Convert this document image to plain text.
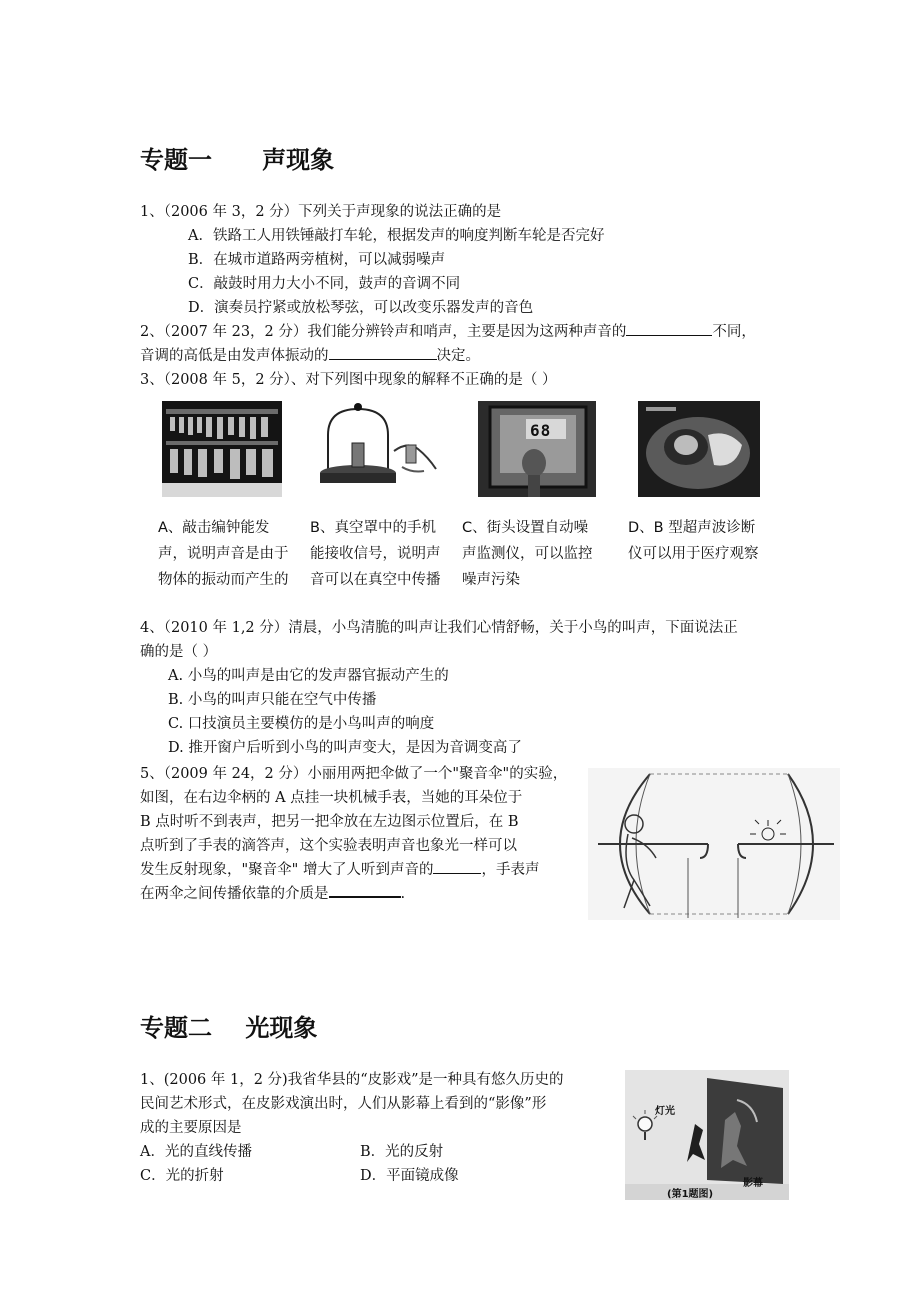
专题一      声现象
1、（2006 年 3，2 分）下列关于声现象的说法正确的是
A．铁路工人用铁锤敲打车轮，根据发声的响度判断车轮是否完好
B．在城市道路两旁植树，可以减弱噪声
C．敲鼓时用力大小不同，鼓声的音调不同
D．演奏员拧紧或放松琴弦，可以改变乐器发声的音色
2、（2007 年 23，2 分）我们能分辨铃声和哨声，主要是因为这两种声音的	不同，
音调的高低是由发声体振动的	决定。
3、（2008 年 5，2 分）、对下列图中现象的解释不正确的是（ ）
68
A、敲击编钟能发声，说明声音是由于物体的振动而产生的
B、真空罩中的手机能接收信号，说明声音可以在真空中传播
C、街头设置自动噪声监测仪，可以监控噪声污染
D、B 型超声波诊断仪可以用于医疗观察
4、（2010 年 1,2 分）清晨，小鸟清脆的叫声让我们心情舒畅，关于小鸟的叫声，下面说法正
确的是（ ）
A. 小鸟的叫声是由它的发声器官振动产生的
B. 小鸟的叫声只能在空气中传播
C. 口技演员主要模仿的是小鸟叫声的响度
D. 推开窗户后听到小鸟的叫声变大，是因为音调变高了
5、（2009 年 24，2 分）小丽用两把伞做了一个"聚音伞"的实验，
如图，在右边伞柄的 A 点挂一块机械手表，当她的耳朵位于
B 点时听不到表声，把另一把伞放在左边图示位置后，在 B
点听到了手表的滴答声，这个实验表明声音也象光一样可以
发生反射现象，"聚音伞" 增大了人听到声音的	，手表声
在两伞之间传播依靠的介质是	.
专题二    光现象
1、(2006 年 1，2 分)我省华县的“皮影戏”是一种具有悠久历史的
民间艺术形式，在皮影戏演出时，人们从影幕上看到的“影像”形
成的主要原因是
A．光的直线传播	B．光的反射
C．光的折射	D．平面镜成像
灯光
影幕
(第1题图)
